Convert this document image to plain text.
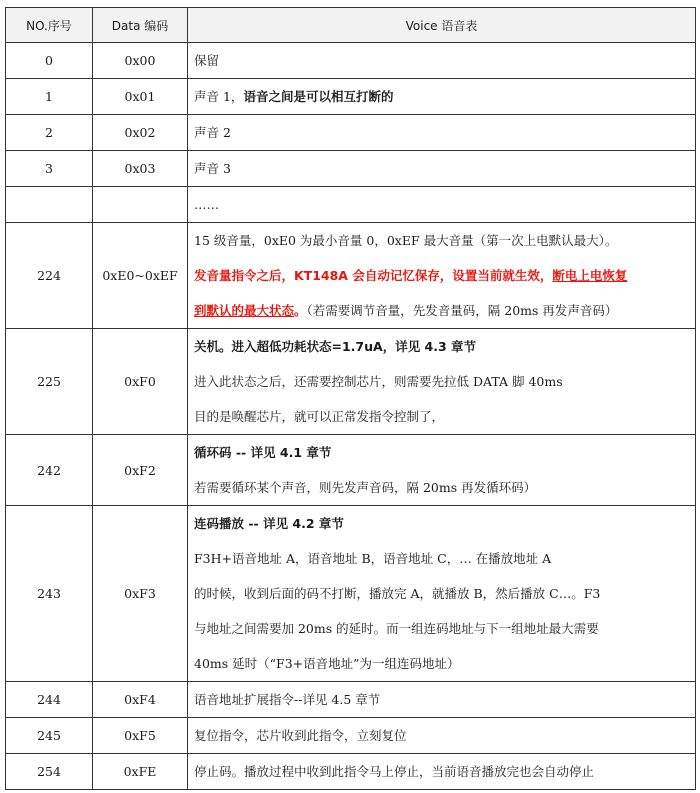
NO.序号	Data 编码	Voice 语音表
0	0x00	保留

1	0x01	声音 1，语音之间是可以相互打断的

2	0x02	声音 2

3	0x03	声音 3

		……

224	0xE0~0xEF	15 级音量，0xE0 为最小音量 0，0xEF 最大音量（第一次上电默认最大）。
发音量指令之后，KT148A 会自动记忆保存，设置当前就生效，断电上电恢复
到默认的最大状态。（若需要调节音量，先发音量码，隔 20ms 再发声音码）

225	0xF0	关机。进入超低功耗状态=1.7uA，详见 4.3 章节
进入此状态之后，还需要控制芯片，则需要先拉低 DATA 脚 40ms
目的是唤醒芯片，就可以正常发指令控制了，

242	0xF2	循环码 -- 详见 4.1 章节
若需要循环某个声音，则先发声音码，隔 20ms 再发循环码）

243	0xF3	连码播放 -- 详见 4.2 章节
F3H+语音地址 A，语音地址 B，语音地址 C，… 在播放地址 A
的时候，收到后面的码不打断，播放完 A，就播放 B，然后播放 C…。F3
与地址之间需要加 20ms 的延时。而一组连码地址与下一组地址最大需要
40ms 延时（“F3+语音地址”为一组连码地址）

244	0xF4	语音地址扩展指令--详见 4.5 章节

245	0xF5	复位指令，芯片收到此指令，立刻复位

254	0xFE	停止码。播放过程中收到此指令马上停止，当前语音播放完也会自动停止
